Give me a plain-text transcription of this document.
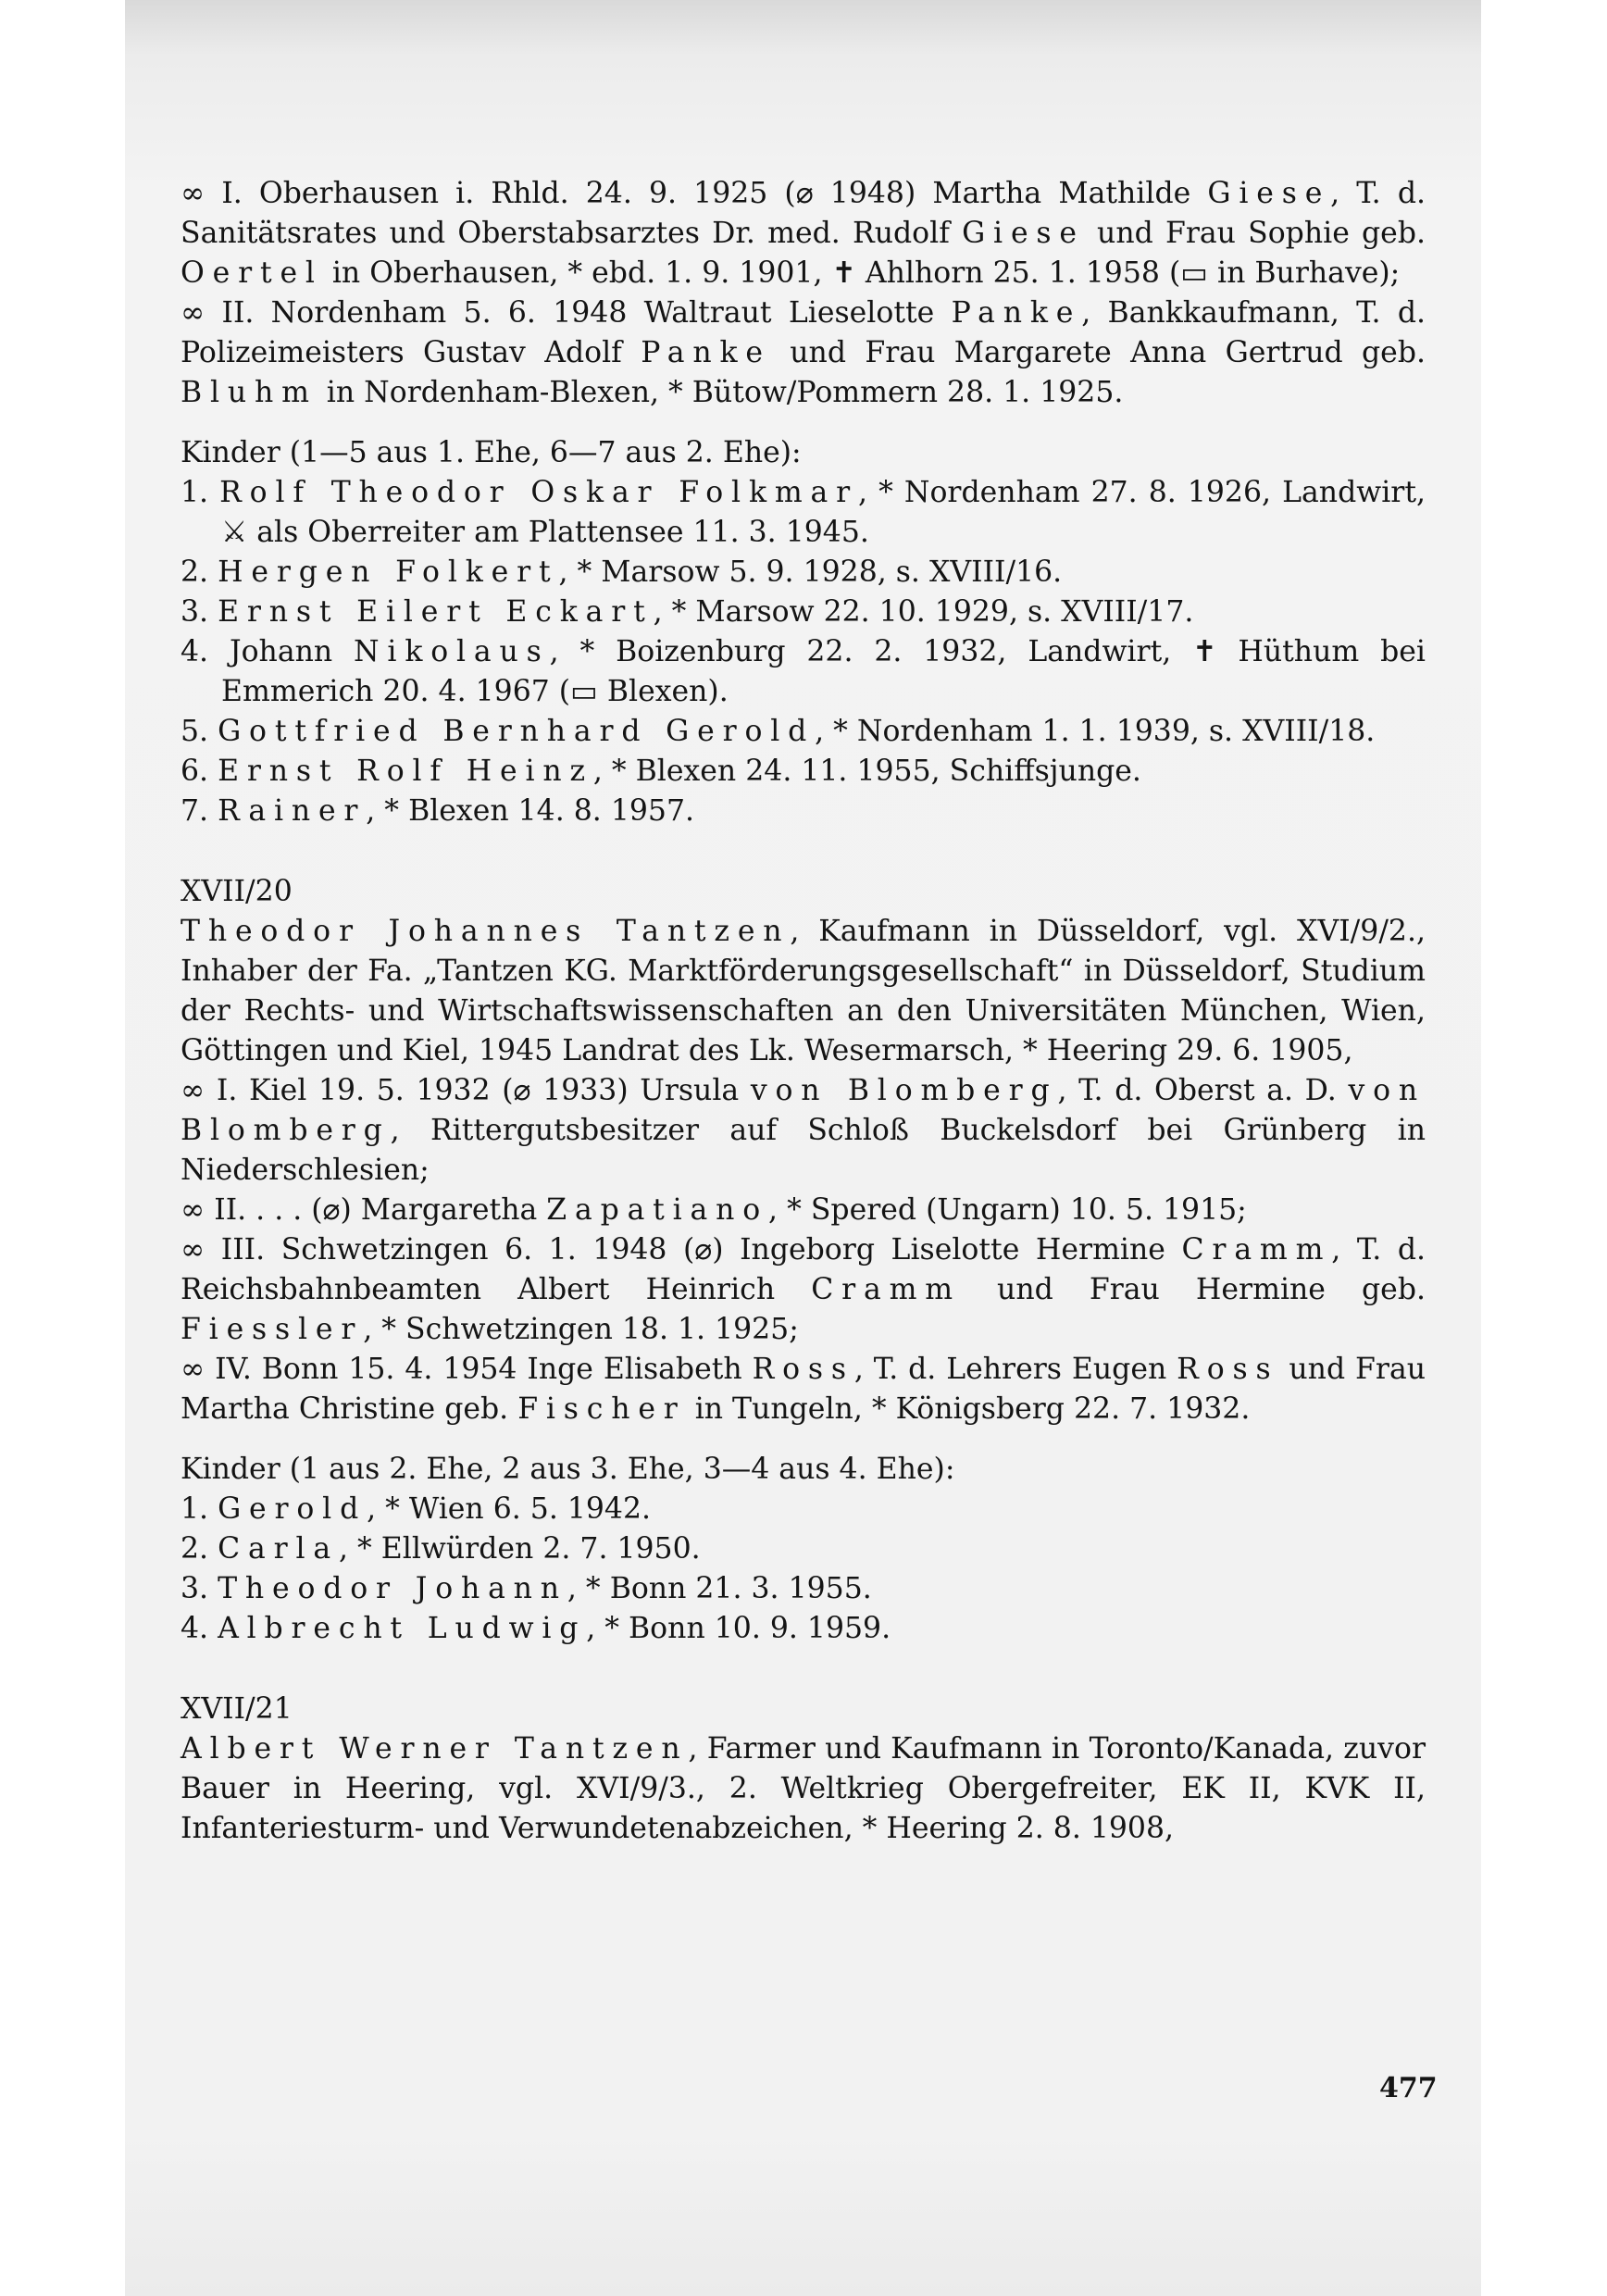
∞ I. Oberhausen i. Rhld. 24. 9. 1925 (⌀ 1948) Martha Mathilde Giese, T. d. Sanitätsrates und Oberstabsarztes Dr. med. Rudolf Giese und Frau Sophie geb. Oertel in Oberhausen, * ebd. 1. 9. 1901, ✝ Ahlhorn 25. 1. 1958 (▭ in Burhave);

∞ II. Nordenham 5. 6. 1948 Waltraut Lieselotte Panke, Bankkaufmann, T. d. Polizeimeisters Gustav Adolf Panke und Frau Margarete Anna Gertrud geb. Bluhm in Nordenham-Blexen, * Bütow/Pommern 28. 1. 1925.

Kinder (1—5 aus 1. Ehe, 6—7 aus 2. Ehe):

1. Rolf Theodor Oskar Folkmar, * Nordenham 27. 8. 1926, Landwirt, ⚔ als Oberreiter am Plattensee 11. 3. 1945.
2. Hergen Folkert, * Marsow 5. 9. 1928, s. XVIII/16.
3. Ernst Eilert Eckart, * Marsow 22. 10. 1929, s. XVIII/17.
4. Johann Nikolaus, * Boizenburg 22. 2. 1932, Landwirt, ✝ Hüthum bei Emmerich 20. 4. 1967 (▭ Blexen).
5. Gottfried Bernhard Gerold, * Nordenham 1. 1. 1939, s. XVIII/18.
6. Ernst Rolf Heinz, * Blexen 24. 11. 1955, Schiffsjunge.
7. Rainer, * Blexen 14. 8. 1957.

XVII/20

Theodor Johannes Tantzen, Kaufmann in Düsseldorf, vgl. XVI/9/2., Inhaber der Fa. „Tantzen KG. Marktförderungsgesellschaft“ in Düsseldorf, Studium der Rechts- und Wirtschaftswissenschaften an den Universitäten München, Wien, Göttingen und Kiel, 1945 Landrat des Lk. Wesermarsch, * Heering 29. 6. 1905,

∞ I. Kiel 19. 5. 1932 (⌀ 1933) Ursula von Blomberg, T. d. Oberst a. D. von Blomberg, Rittergutsbesitzer auf Schloß Buckelsdorf bei Grünberg in Niederschlesien;

∞ II. . . . (⌀) Margaretha Zapatiano, * Spered (Ungarn) 10. 5. 1915;

∞ III. Schwetzingen 6. 1. 1948 (⌀) Ingeborg Liselotte Hermine Cramm, T. d. Reichsbahnbeamten Albert Heinrich Cramm und Frau Hermine geb. Fiessler, * Schwetzingen 18. 1. 1925;

∞ IV. Bonn 15. 4. 1954 Inge Elisabeth Ross, T. d. Lehrers Eugen Ross und Frau Martha Christine geb. Fischer in Tungeln, * Königsberg 22. 7. 1932.

Kinder (1 aus 2. Ehe, 2 aus 3. Ehe, 3—4 aus 4. Ehe):

1. Gerold, * Wien 6. 5. 1942.
2. Carla, * Ellwürden 2. 7. 1950.
3. Theodor Johann, * Bonn 21. 3. 1955.
4. Albrecht Ludwig, * Bonn 10. 9. 1959.

XVII/21

Albert Werner Tantzen, Farmer und Kaufmann in Toronto/Kanada, zuvor Bauer in Heering, vgl. XVI/9/3., 2. Weltkrieg Obergefreiter, EK II, KVK II, Infanteriesturm- und Verwundetenabzeichen, * Heering 2. 8. 1908,

477
